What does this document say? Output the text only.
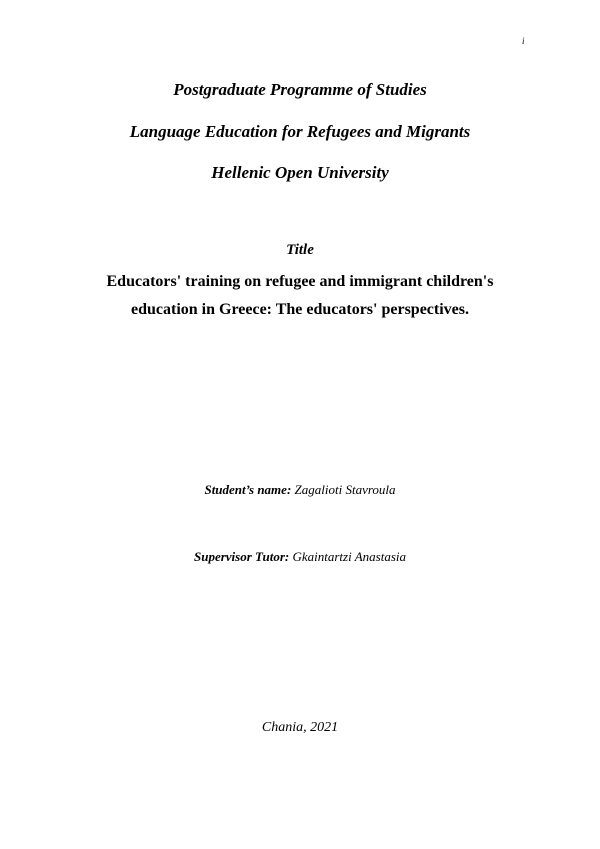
i
Postgraduate Programme of Studies
Language Education for Refugees and Migrants
Hellenic Open University
Title
Educators' training on refugee and immigrant children's
education in Greece: The educators' perspectives.
Student’s name: Zagalioti Stavroula
Supervisor Tutor: Gkaintartzi Anastasia
Chania, 2021
